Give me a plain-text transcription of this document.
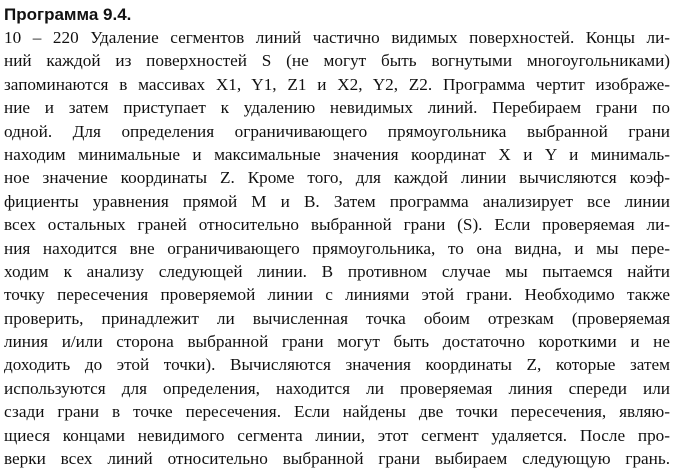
Программа 9.4.
10 – 220 Удаление сегментов линий частично видимых поверхностей. Концы ли-
ний каждой из поверхностей S (не могут быть вогнутыми многоугольниками)
запоминаются в массивах X1, Y1, Z1 и X2, Y2, Z2. Программа чертит изображе-
ние и затем приступает к удалению невидимых линий. Перебираем грани по
одной. Для определения ограничивающего прямоугольника выбранной грани
находим минимальные и максимальные значения координат X и Y и минималь-
ное значение координаты Z. Кроме того, для каждой линии вычисляются коэф-
фициенты уравнения прямой M и B. Затем программа анализирует все линии
всех остальных граней относительно выбранной грани (S). Если проверяемая ли-
ния находится вне ограничивающего прямоугольника, то она видна, и мы пере-
ходим к анализу следующей линии. В противном случае мы пытаемся найти
точку пересечения проверяемой линии с линиями этой грани. Необходимо также
проверить, принадлежит ли вычисленная точка обоим отрезкам (проверяемая
линия и/или сторона выбранной грани могут быть достаточно короткими и не
доходить до этой точки). Вычисляются значения координаты Z, которые затем
используются для определения, находится ли проверяемая линия спереди или
сзади грани в точке пересечения. Если найдены две точки пересечения, являю-
щиеся концами невидимого сегмента линии, этот сегмент удаляется. После про-
верки всех линий относительно выбранной грани выбираем следующую грань.
